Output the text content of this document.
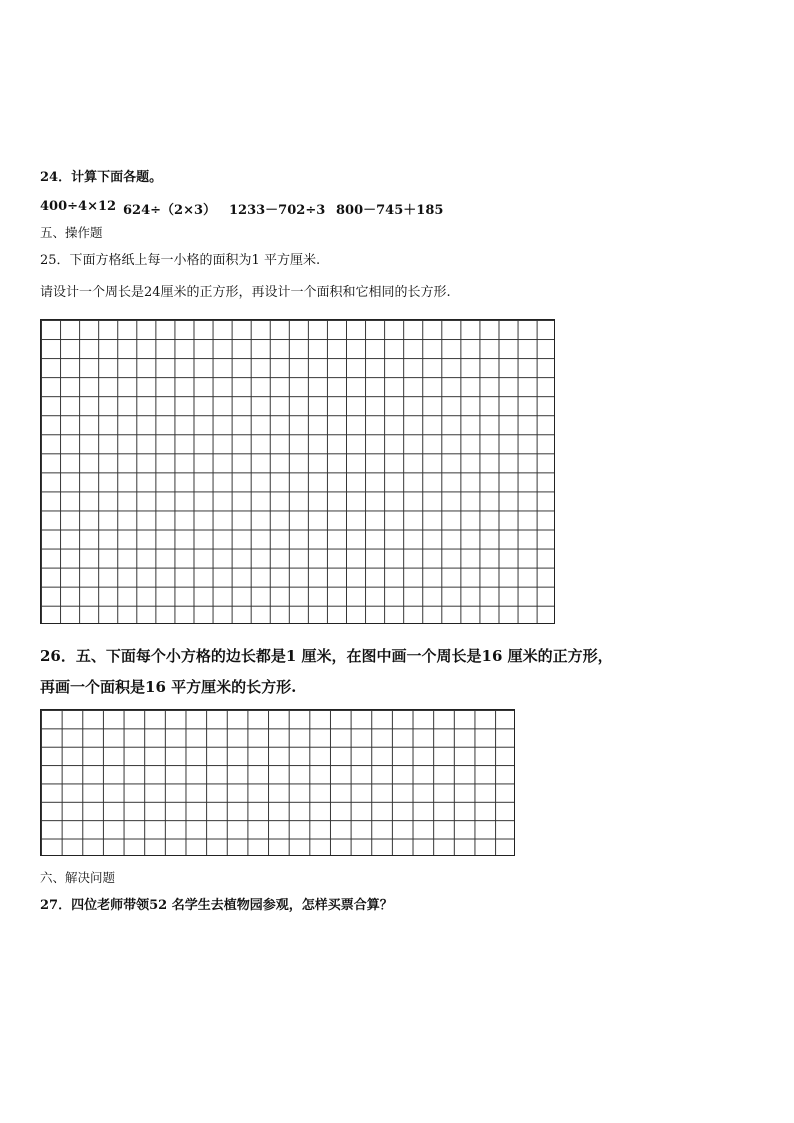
24．计算下面各题。
400÷4×12 624÷（2×3） 1233－702÷3 800－745＋185
五、操作题
25．下面方格纸上每一小格的面积为1 平方厘米.
请设计一个周长是24厘米的正方形，再设计一个面积和它相同的长方形.
26．五、下面每个小方格的边长都是1 厘米，在图中画一个周长是16 厘米的正方形，
再画一个面积是16 平方厘米的长方形.
六、解决问题
27．四位老师带领52 名学生去植物园参观，怎样买票合算？
